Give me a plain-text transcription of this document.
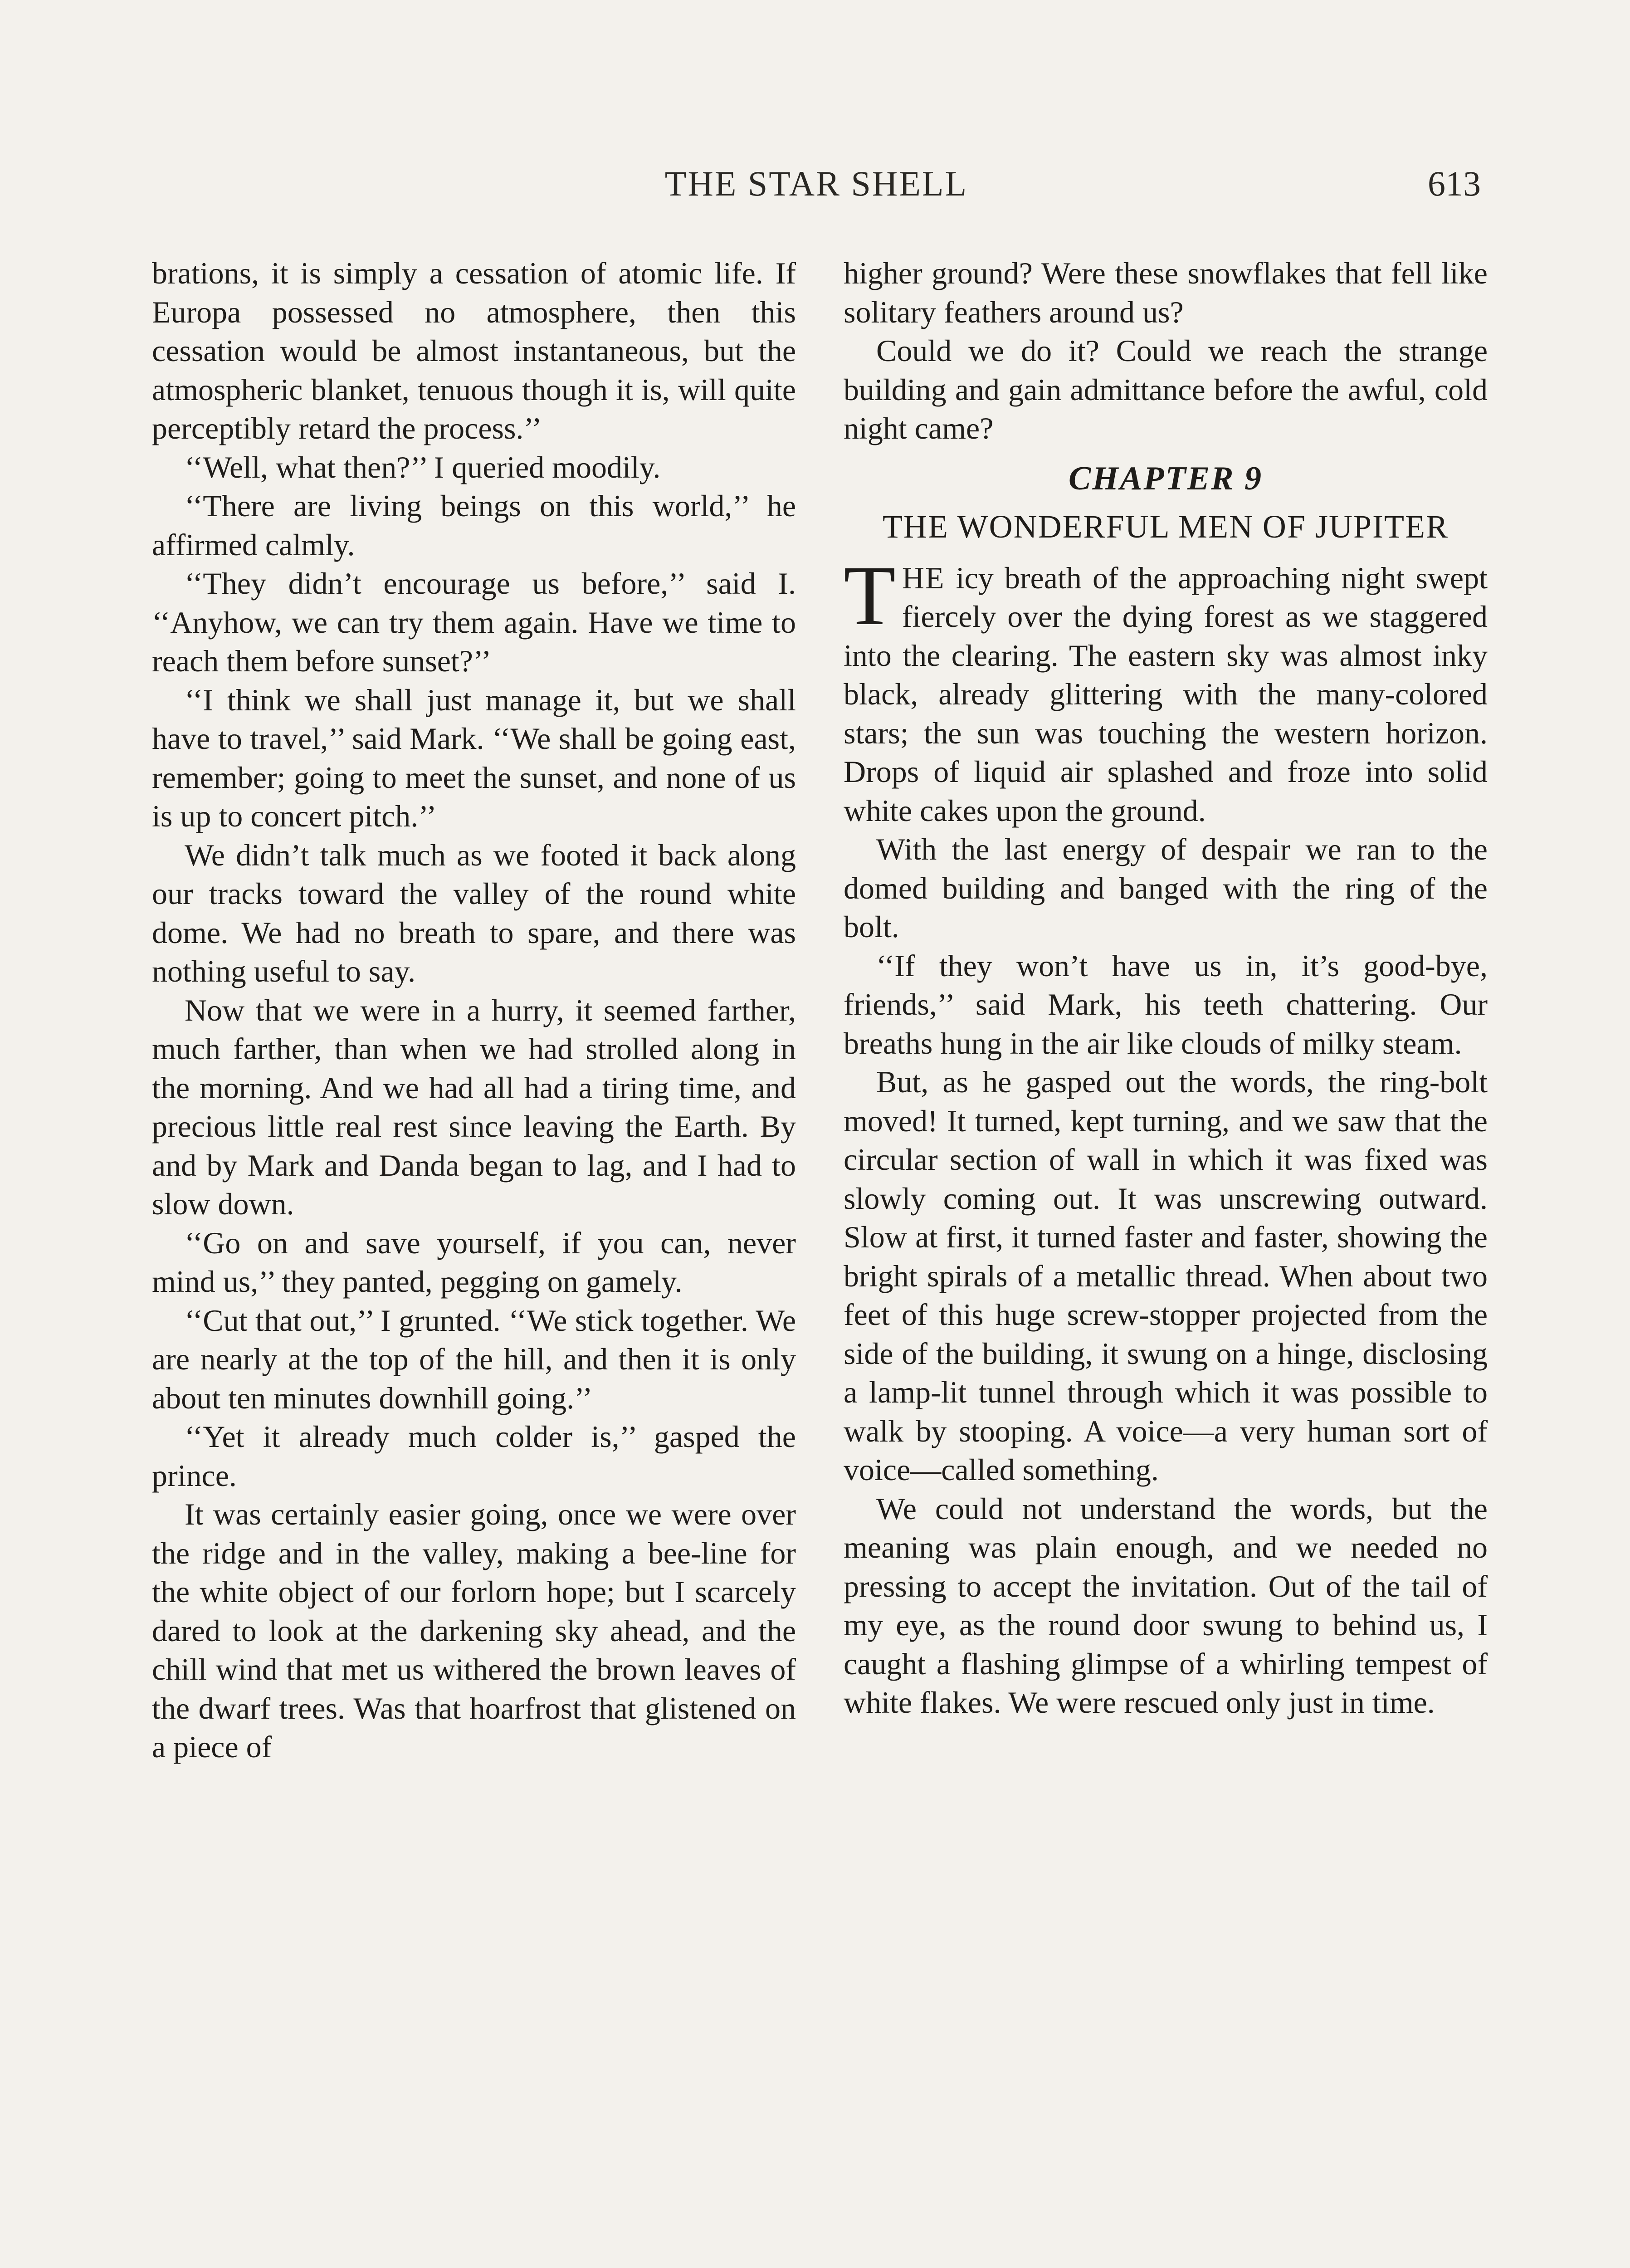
THE STAR SHELL	613

brations, it is simply a cessation of atomic life. If Europa possessed no atmosphere, then this cessation would be almost instantaneous, but the atmospheric blanket, tenuous though it is, will quite perceptibly retard the process.’’

‘‘Well, what then?’’ I queried moodily.

‘‘There are living beings on this world,’’ he affirmed calmly.

‘‘They didn’t encourage us before,’’ said I. ‘‘Anyhow, we can try them again. Have we time to reach them before sunset?’’

‘‘I think we shall just manage it, but we shall have to travel,’’ said Mark. ‘‘We shall be going east, remember; going to meet the sunset, and none of us is up to concert pitch.’’

We didn’t talk much as we footed it back along our tracks toward the valley of the round white dome. We had no breath to spare, and there was nothing useful to say.

Now that we were in a hurry, it seemed farther, much farther, than when we had strolled along in the morning. And we had all had a tiring time, and precious little real rest since leaving the Earth. By and by Mark and Danda began to lag, and I had to slow down.

‘‘Go on and save yourself, if you can, never mind us,’’ they panted, pegging on gamely.

‘‘Cut that out,’’ I grunted. ‘‘We stick together. We are nearly at the top of the hill, and then it is only about ten minutes downhill going.’’

‘‘Yet it already much colder is,’’ gasped the prince.

It was certainly easier going, once we were over the ridge and in the valley, making a bee-line for the white object of our forlorn hope; but I scarcely dared to look at the darkening sky ahead, and the chill wind that met us withered the brown leaves of the dwarf trees. Was that hoarfrost that glistened on a piece of

higher ground? Were these snowflakes that fell like solitary feathers around us?

Could we do it? Could we reach the strange building and gain admittance before the awful, cold night came?

CHAPTER 9
THE WONDERFUL MEN OF JUPITER

THE icy breath of the approaching night swept fiercely over the dying forest as we staggered into the clearing. The eastern sky was almost inky black, already glittering with the many-colored stars; the sun was touching the western horizon. Drops of liquid air splashed and froze into solid white cakes upon the ground.

With the last energy of despair we ran to the domed building and banged with the ring of the bolt.

‘‘If they won’t have us in, it’s good-bye, friends,’’ said Mark, his teeth chattering. Our breaths hung in the air like clouds of milky steam.

But, as he gasped out the words, the ring-bolt moved! It turned, kept turning, and we saw that the circular section of wall in which it was fixed was slowly coming out. It was unscrewing outward. Slow at first, it turned faster and faster, showing the bright spirals of a metallic thread. When about two feet of this huge screw-stopper projected from the side of the building, it swung on a hinge, disclosing a lamp-lit tunnel through which it was possible to walk by stooping. A voice—a very human sort of voice—called something.

We could not understand the words, but the meaning was plain enough, and we needed no pressing to accept the invitation. Out of the tail of my eye, as the round door swung to behind us, I caught a flashing glimpse of a whirling tempest of white flakes. We were rescued only just in time.
